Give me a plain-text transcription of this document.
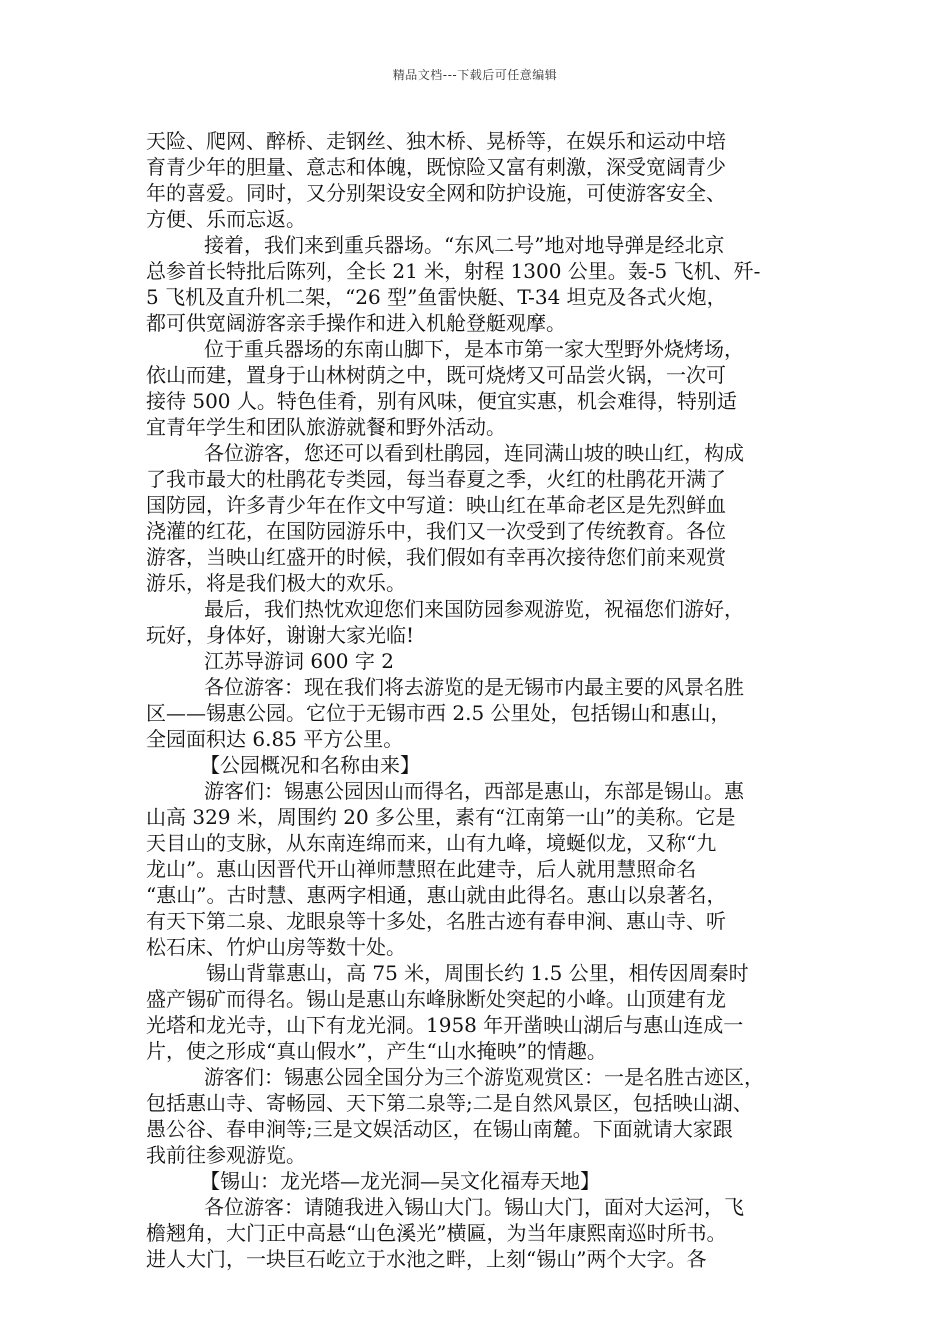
精品文档---下载后可任意编辑
天险、爬网、醉桥、走钢丝、独木桥、晃桥等，在娱乐和运动中培
育青少年的胆量、意志和体魄，既惊险又富有刺激，深受宽阔青少
年的喜爱。同时，又分别架设安全网和防护设施，可使游客安全、
方便、乐而忘返。
接着，我们来到重兵器场。“东风二号”地对地导弹是经北京
总参首长特批后陈列，全长 21 米，射程 1300 公里。轰-5 飞机、歼-
5 飞机及直升机二架，“26 型”鱼雷快艇、T-34 坦克及各式火炮，
都可供宽阔游客亲手操作和进入机舱登艇观摩。
位于重兵器场的东南山脚下，是本市第一家大型野外烧烤场，
依山而建，置身于山林树荫之中，既可烧烤又可品尝火锅，一次可
接待 500 人。特色佳肴，别有风味，便宜实惠，机会难得，特别适
宜青年学生和团队旅游就餐和野外活动。
各位游客，您还可以看到杜鹃园，连同满山坡的映山红，构成
了我市最大的杜鹃花专类园，每当春夏之季，火红的杜鹃花开满了
国防园，许多青少年在作文中写道：映山红在革命老区是先烈鲜血
浇灌的红花，在国防园游乐中，我们又一次受到了传统教育。各位
游客，当映山红盛开的时候，我们假如有幸再次接待您们前来观赏
游乐，将是我们极大的欢乐。
最后，我们热忱欢迎您们来国防园参观游览，祝福您们游好，
玩好，身体好，谢谢大家光临!
江苏导游词 600 字 2
各位游客：现在我们将去游览的是无锡市内最主要的风景名胜
区——锡惠公园。它位于无锡市西 2.5 公里处，包括锡山和惠山，
全园面积达 6.85 平方公里。
【公园概况和名称由来】
游客们：锡惠公园因山而得名，西部是惠山，东部是锡山。惠
山高 329 米，周围约 20 多公里，素有“江南第一山”的美称。它是
天目山的支脉，从东南连绵而来，山有九峰，境蜒似龙，又称“九
龙山”。惠山因晋代开山禅师慧照在此建寺，后人就用慧照命名
“惠山”。古时慧、惠两字相通，惠山就由此得名。惠山以泉著名，
有天下第二泉、龙眼泉等十多处，名胜古迹有春申涧、惠山寺、听
松石床、竹炉山房等数十处。
锡山背靠惠山，高 75 米，周围长约 1.5 公里，相传因周秦时
盛产锡矿而得名。锡山是惠山东峰脉断处突起的小峰。山顶建有龙
光塔和龙光寺，山下有龙光洞。1958 年开凿映山湖后与惠山连成一
片，使之形成“真山假水”，产生“山水掩映”的情趣。
游客们：锡惠公园全国分为三个游览观赏区：一是名胜古迹区，
包括惠山寺、寄畅园、天下第二泉等;二是自然风景区，包括映山湖、
愚公谷、春申涧等;三是文娱活动区，在锡山南麓。下面就请大家跟
我前往参观游览。
【锡山：龙光塔—龙光洞—吴文化福寿天地】
各位游客：请随我进入锡山大门。锡山大门，面对大运河，飞
檐翘角，大门正中高悬“山色溪光”横匾，为当年康熙南巡时所书。
进人大门，一块巨石屹立于水池之畔，上刻“锡山”两个大字。各
